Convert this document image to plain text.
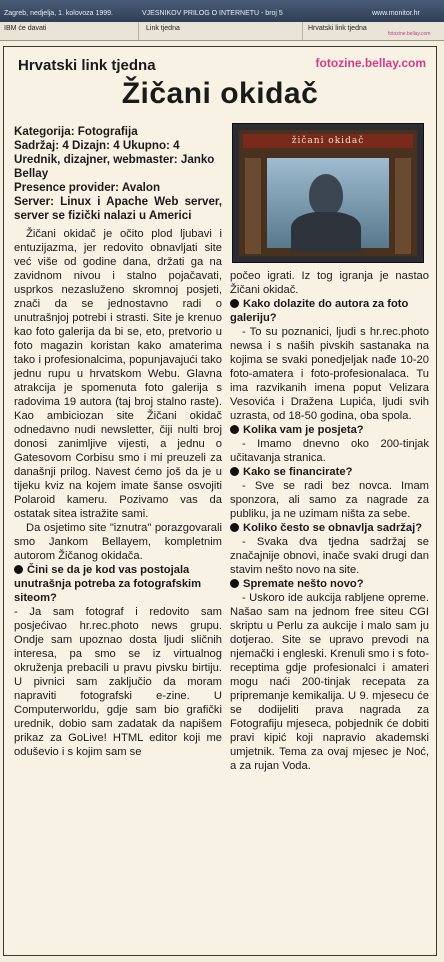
Zagreb, nedjelja, 1. kolovoza 1999.	VJESNIKOV PRILOG O INTERNETU - broj 5	www.monitor.hr
IBM će davati	Link tjedna	Hrvatski link tjedna
fotozine.bellay.com
Hrvatski link tjedna	fotozine.bellay.com
Žičani okidač
žičani okidač
Kategorija: Fotografija
Sadržaj: 4 Dizajn: 4 Ukupno: 4
Urednik, dizajner, webmaster: Janko Bellay
Presence provider: Avalon
Server: Linux i Apache Web server, server se fizički nalazi u Americi

Žičani okidač je očito plod ljubavi i entuzijazma, jer redovito obnavljati site već više od godine dana, držati ga na zavidnom nivou i stalno pojačavati, usprkos nezasluženo skromnoj posjeti, znači da se jednostavno radi o unutrašnjoj potrebi i strasti. Site je krenuo kao foto galerija da bi se, eto, pretvorio u foto magazin koristan kako amaterima tako i profesionalcima, popunjavajući tako jednu rupu u hrvatskom Webu. Glavna atrakcija je spomenuta foto galerija s radovima 19 autora (taj broj stalno raste). Kao ambiciozan site Žičani okidač odnedavno nudi newsletter, čiji nulti broj donosi zanimljive vijesti, a jednu o Gatesovom Corbisu smo i mi preuzeli za današnji prilog. Navest ćemo još da je u tijeku kviz na kojem imate šanse osvojiti Polaroid kameru. Pozivamo vas da ostatak sitea istražite sami.

Da osjetimo site "iznutra" porazgovarali smo Jankom Bellayem, kompletnim autorom Žičanog okidača.

Čini se da je kod vas postojala unutrašnja potreba za fotografskim siteom?

- Ja sam fotograf i redovito sam posjećivao hr.rec.photo news grupu. Ondje sam upoznao dosta ljudi sličnih interesa, pa smo se iz virtualnog okruženja prebacili u pravu pivsku birtiju. U pivnici sam zaključio da moram napraviti fotografski e-zine. U Computerworldu, gdje sam bio grafički urednik, dobio sam zadatak da napišem prikaz za GoLive! HTML editor koji me oduševio i s kojim sam se

počeo igrati. Iz tog igranja je nastao Žičani okidač.

Kako dolazite do autora za foto galeriju?

- To su poznanici, ljudi s hr.rec.photo newsa i s naših pivskih sastanaka na kojima se svaki ponedjeljak nađe 10-20 foto-amatera i foto-profesionalaca. Tu ima razvikanih imena poput Velizara Vesovića i Dražena Lupića, ljudi svih uzrasta, od 18-50 godina, oba spola.

Kolika vam je posjeta?

- Imamo dnevno oko 200-tinjak učitavanja stranica.

Kako se financirate?

- Sve se radi bez novca. Imam sponzora, ali samo za nagrade za publiku, ja ne uzimam ništa za sebe.

Koliko često se obnavlja sadržaj?

- Svaka dva tjedna sadržaj se značajnije obnovi, inače svaki drugi dan stavim nešto novo na site.

Spremate nešto novo?

- Uskoro ide aukcija rabljene opreme. Našao sam na jednom free siteu CGI skriptu u Perlu za aukcije i malo sam ju dotjerao. Site se upravo prevodi na njemački i engleski. Krenuli smo i s foto-receptima gdje profesionalci i amateri mogu naći 200-tinjak recepata za pripremanje kemikalija. U 9. mjesecu će se dodijeliti prava nagrada za Fotografiju mjeseca, pobjednik će dobiti pravi kipić koji napravio akademski umjetnik. Tema za ovaj mjesec je Noć, a za rujan Voda.
